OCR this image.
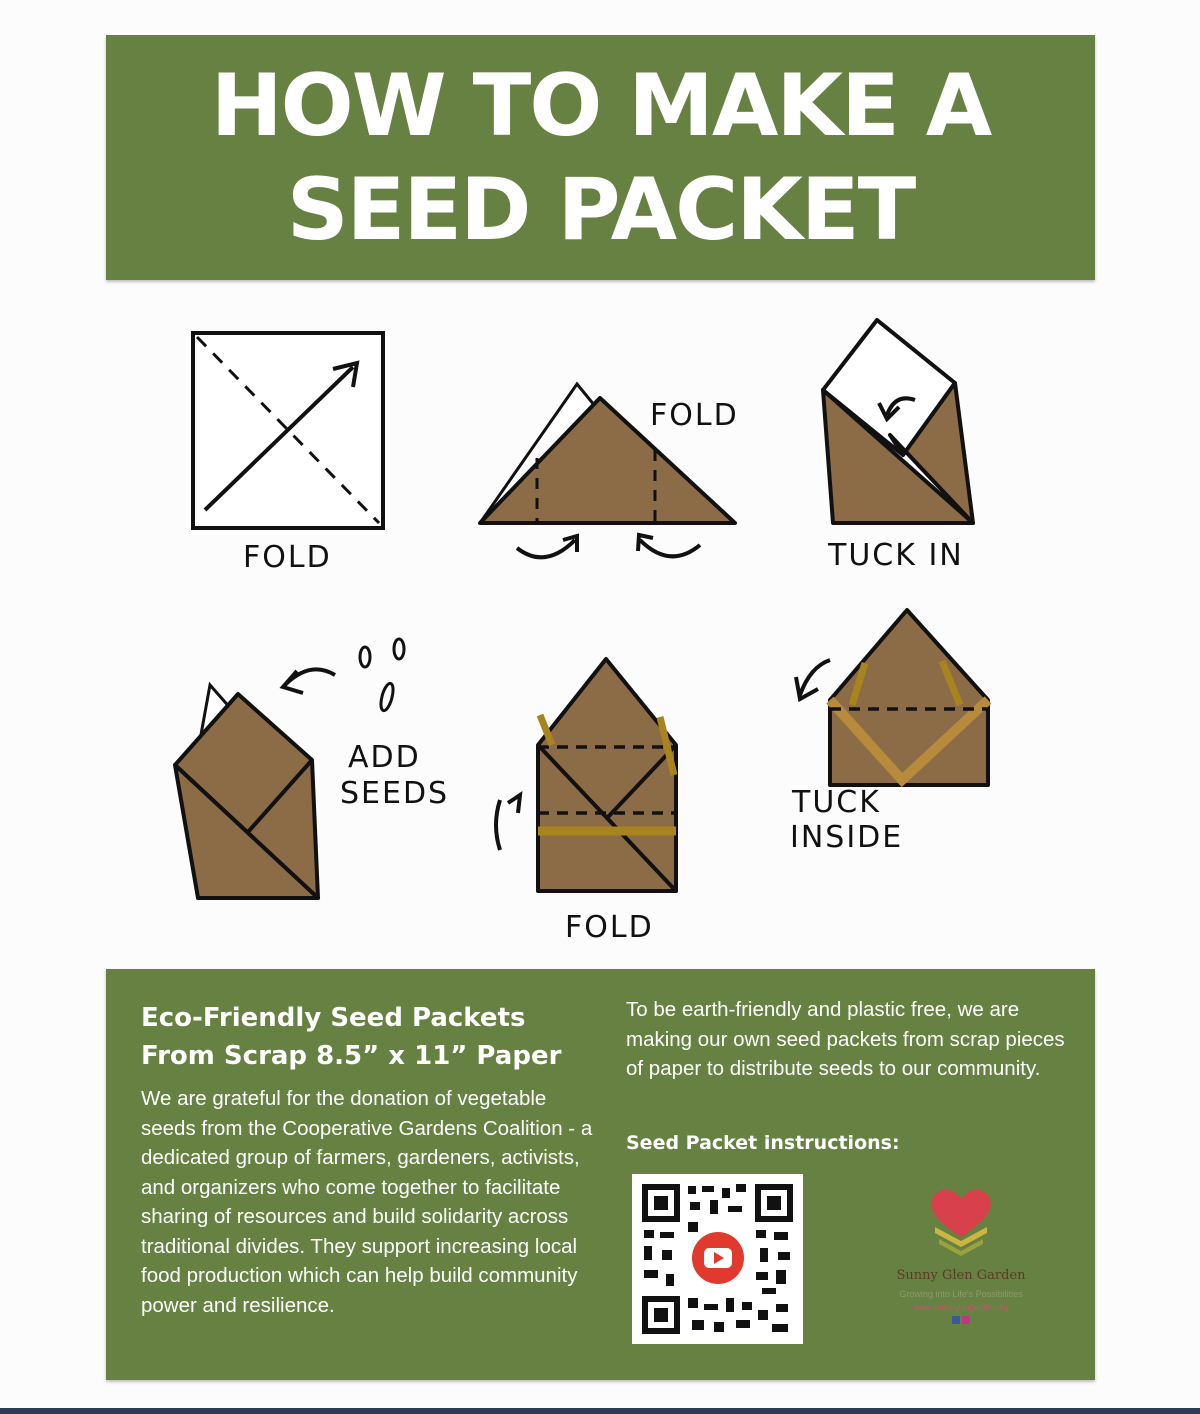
HOW TO MAKE A
SEED PACKET
FOLD
FOLD
TUCK IN
ADD
SEEDS
FOLD
TUCK
INSIDE
Eco-Friendly Seed Packets
From Scrap 8.5” x 11” Paper
We are grateful for the donation of vegetable seeds from the Cooperative Gardens Coalition - a dedicated group of farmers, gardeners, activists, and organizers who come together to facilitate sharing of resources and build solidarity across traditional divides. They support increasing local food production which can help build community power and resilience.
To be earth-friendly and plastic free, we are making our own seed packets from scrap pieces of paper to distribute seeds to our community.
Seed Packet instructions:
Sunny Glen Garden
Growing into Life's Possibilities
www.sunnyglengarden.org
